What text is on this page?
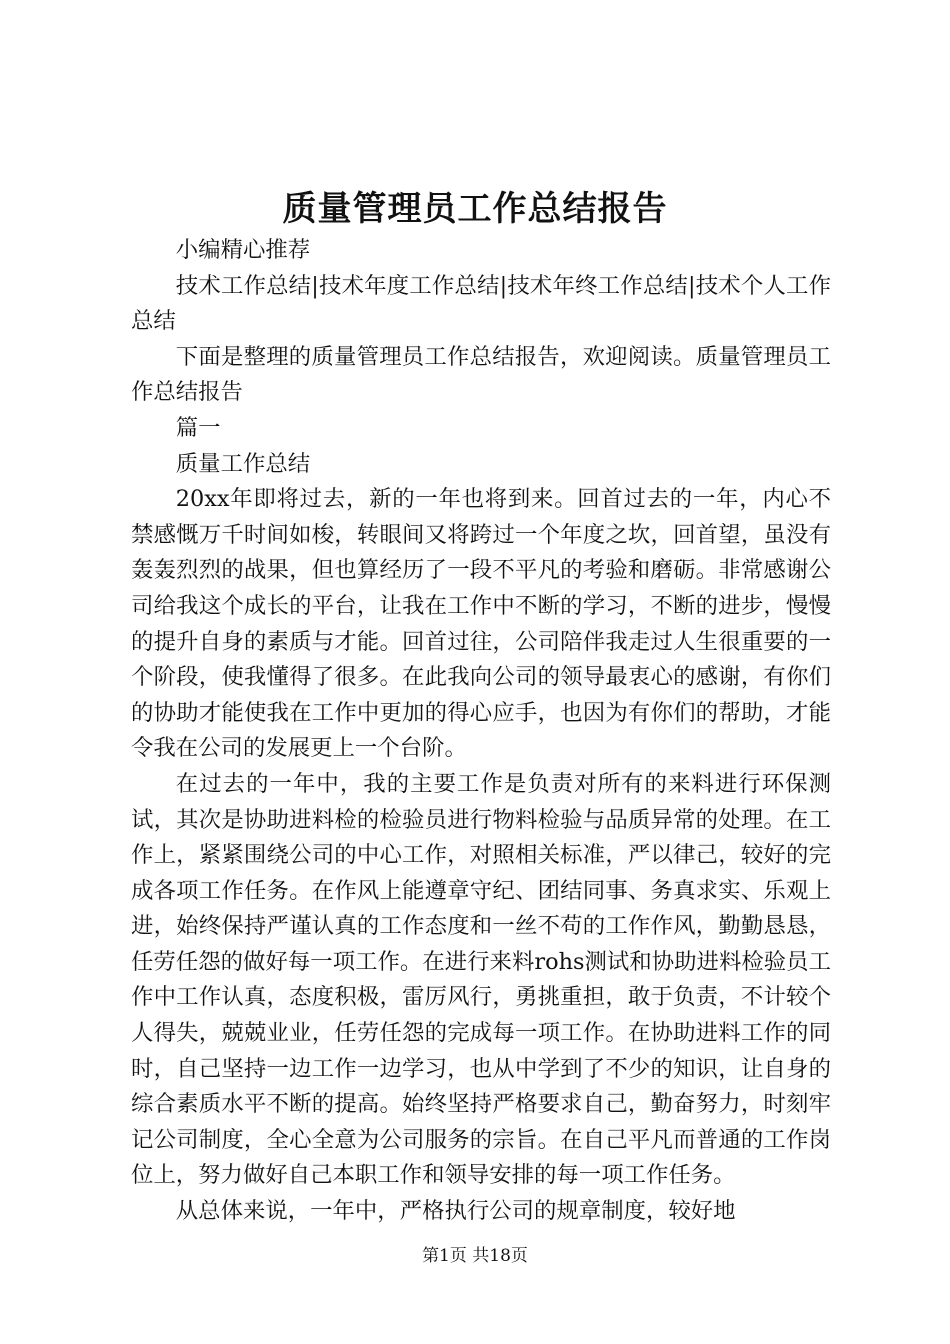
质量管理员工作总结报告

小编精心推荐

技术工作总结|技术年度工作总结|技术年终工作总结|技术个人工作总结

下面是整理的质量管理员工作总结报告，欢迎阅读。质量管理员工作总结报告

篇一

质量工作总结

20xx年即将过去，新的一年也将到来。回首过去的一年，内心不禁感慨万千时间如梭，转眼间又将跨过一个年度之坎，回首望，虽没有轰轰烈烈的战果，但也算经历了一段不平凡的考验和磨砺。非常感谢公司给我这个成长的平台，让我在工作中不断的学习，不断的进步，慢慢的提升自身的素质与才能。回首过往，公司陪伴我走过人生很重要的一个阶段，使我懂得了很多。在此我向公司的领导最衷心的感谢，有你们的协助才能使我在工作中更加的得心应手，也因为有你们的帮助，才能令我在公司的发展更上一个台阶。

在过去的一年中，我的主要工作是负责对所有的来料进行环保测试，其次是协助进料检的检验员进行物料检验与品质异常的处理。在工作上，紧紧围绕公司的中心工作，对照相关标准，严以律己，较好的完成各项工作任务。在作风上能遵章守纪、团结同事、务真求实、乐观上进，始终保持严谨认真的工作态度和一丝不苟的工作作风，勤勤恳恳，任劳任怨的做好每一项工作。在进行来料rohs测试和协助进料检验员工作中工作认真，态度积极，雷厉风行，勇挑重担，敢于负责，不计较个人得失，兢兢业业，任劳任怨的完成每一项工作。在协助进料工作的同时，自己坚持一边工作一边学习，也从中学到了不少的知识，让自身的综合素质水平不断的提高。始终坚持严格要求自己，勤奋努力，时刻牢记公司制度，全心全意为公司服务的宗旨。在自己平凡而普通的工作岗位上，努力做好自己本职工作和领导安排的每一项工作任务。

从总体来说，一年中，严格执行公司的规章制度，较好地

第1页 共18页
